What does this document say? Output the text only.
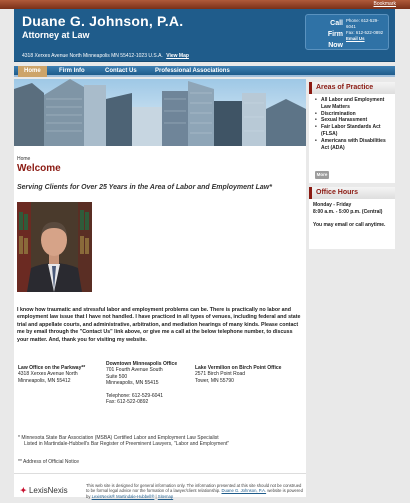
Bookmark
Duane G. Johnson, P.A.
Attorney at Law
4318 Xerxes Avenue North Minneapolis MN 55412-1023 U.S.A. View Map
Call
Firm
Now
Phone: 612-529-6041
Fax: 612-522-0892
Email Us
Home	Firm Info	Contact Us	Professional Associations
Home
Welcome
Serving Clients for Over 25 Years in the Area of Labor and Employment Law*
I know how traumatic and stressful labor and employment problems can be. There is practically no labor and employment law issue that I have not handled. I have practiced in all types of venues, including federal and state trial and appellate courts, and administrative, arbitration, and mediation hearings of many kinds. Please contact me by email through the "Contact Us" link above, or give me a call at the below telephone number, to discuss your matter. And, thank you for visiting my website.
Law Office on the Parkway**
4318 Xerxes Avenue North
Minneapolis, MN 55412
Downtown Minneapolis Office
701 Fourth Avenue South
Suite 500
Minneapolis, MN 55415
Telephone: 612-529-6041
Fax: 612-522-0892
Lake Vermilion on Birch Point Office
2571 Birch Point Road
Tower, MN 55790
* Minnesota State Bar Association (MSBA) Certified Labor and Employment Law Specialist
Listed in Martindale-Hubbell's Bar Register of Preeminent Lawyers, "Labor and Employment"
** Address of Official Notice
✦ LexisNexis
This web site is designed for general information only. The information presented at this site should not be construed to be formal legal advice nor the formation of a lawyer/client relationship. Duane G. Johnson, P.A. website is powered by LexisNexis® Martindale-Hubbell® | Sitemap
Areas of Practice
• All Labor and Employment Law Matters
• Discrimination
• Sexual Harassment
• Fair Labor Standards Act (FLSA)
• Americans with Disabilities Act (ADA)
More
Office Hours

Monday - Friday
8:00 a.m. - 5:00 p.m. (Central)

You may email or call anytime.
